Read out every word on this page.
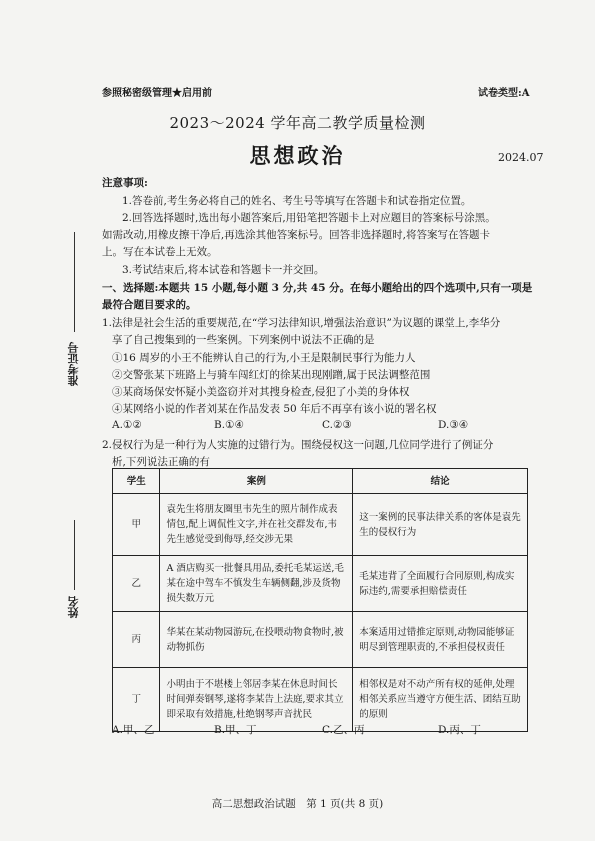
参照秘密级管理★启用前	试卷类型:A
2023～2024 学年高二教学质量检测
思想政治	2024.07
准考证号
姓名
注意事项:
1.答卷前,考生务必将自己的姓名、考生号等填写在答题卡和试卷指定位置。
2.回答选择题时,选出每小题答案后,用铅笔把答题卡上对应题目的答案标号涂黑。
如需改动,用橡皮擦干净后,再选涂其他答案标号。回答非选择题时,将答案写在答题卡
上。写在本试卷上无效。
3.考试结束后,将本试卷和答题卡一并交回。
一、选择题:本题共 15 小题,每小题 3 分,共 45 分。在每小题给出的四个选项中,只有一项是
最符合题目要求的。
1.法律是社会生活的重要规范,在“学习法律知识,增强法治意识”为议题的课堂上,李华分
享了自己搜集到的一些案例。下列案例中说法不正确的是
①16 周岁的小王不能辨认自己的行为,小王是限制民事行为能力人
②交警张某下班路上与骑车闯红灯的徐某出现刚蹭,属于民法调整范围
③某商场保安怀疑小美盗窃并对其搜身检查,侵犯了小美的身体权
④某网络小说的作者刘某在作品发表 50 年后不再享有该小说的署名权
A.①②	B.①④	C.②③	D.③④
2.侵权行为是一种行为人实施的过错行为。围绕侵权这一问题,几位同学进行了例证分
析,下列说法正确的有
学生	案例	结论
甲	袁先生将朋友圈里韦先生的照片制作成表情包,配上调侃性文字,并在社交群发布,韦先生感觉受到侮辱,经交涉无果	这一案例的民事法律关系的客体是袁先生的侵权行为
乙	A 酒店购买一批餐具用品,委托毛某运送,毛某在途中驾车不慎发生车辆侧翻,涉及货物损失数万元	毛某违背了全面履行合同原则,构成实际违约,需要承担赔偿责任
丙	华某在某动物园游玩,在投喂动物食物时,被动物抓伤	本案适用过错推定原则,动物园能够证明尽到管理职责的,不承担侵权责任
丁	小明由于不堪楼上邻居李某在休息时间长时间弹奏钢琴,遂将李某告上法庭,要求其立即采取有效措施,杜绝钢琴声音扰民	相邻权是对不动产所有权的延伸,处理相邻关系应当遵守方便生活、团结互助的原则
A.甲、乙	B.甲、丁	C.乙、丙	D.丙、丁
高二思想政治试题　第 1 页(共 8 页)
